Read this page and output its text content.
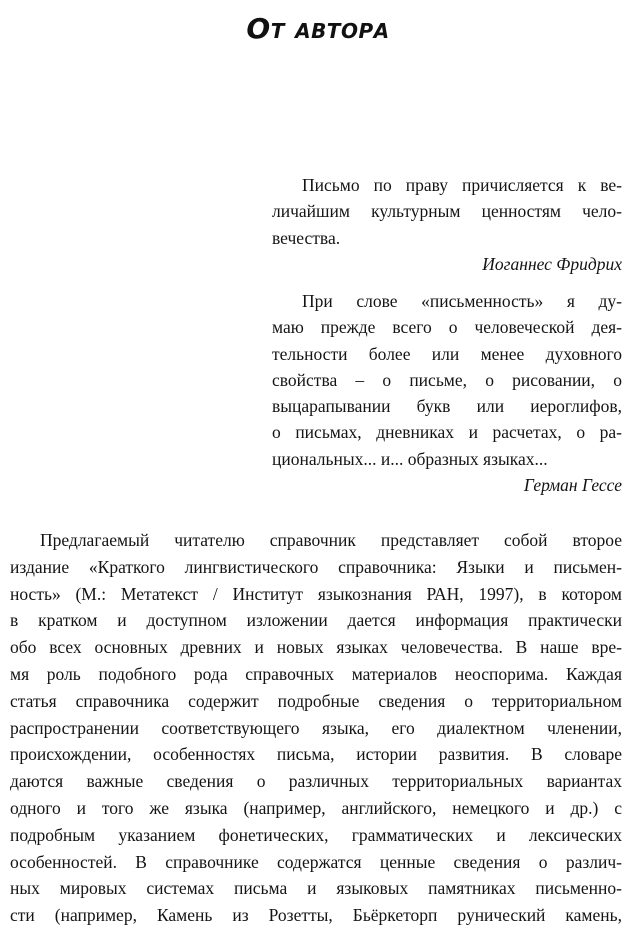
От автора
Письмо по праву причисляется к ве-
личайшим культурным ценностям чело-
вечества.
Иоганнес Фридрих
При слове «письменность» я ду-
маю прежде всего о человеческой дея-
тельности более или менее духовного
свойства – о письме, о рисовании, о
выцарапывании букв или иероглифов,
о письмах, дневниках и расчетах, о ра-
циональных... и... образных языках...
Герман Гессе
Предлагаемый читателю справочник представляет собой второе
издание «Краткого лингвистического справочника: Языки и письмен-
ность» (М.: Метатекст / Институт языкознания РАН, 1997), в котором
в кратком и доступном изложении дается информация практически
обо всех основных древних и новых языках человечества. В наше вре-
мя роль подобного рода справочных материалов неоспорима. Каждая
статья справочника содержит подробные сведения о территориальном
распространении соответствующего языка, его диалектном членении,
происхождении, особенностях письма, истории развития. В словаре
даются важные сведения о различных территориальных вариантах
одного и того же языка (например, английского, немецкого и др.) с
подробным указанием фонетических, грамматических и лексических
особенностей. В справочнике содержатся ценные сведения о различ-
ных мировых системах письма и языковых памятниках письменно-
сти (например, Камень из Розетты, Бьёркеторп рунический камень,
